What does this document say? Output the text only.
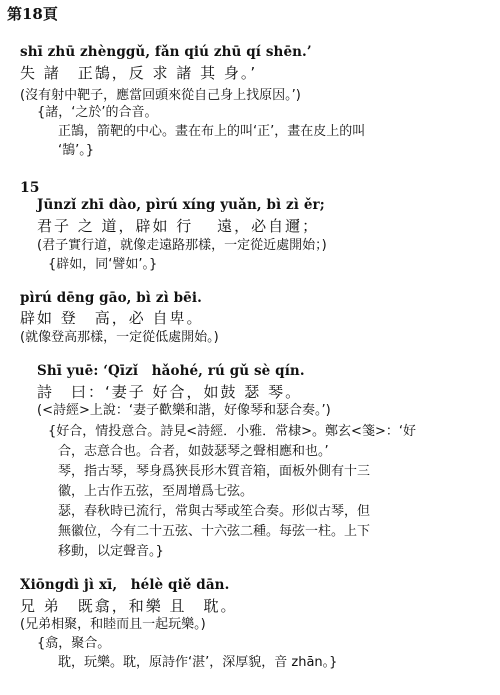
第18頁
shī zhū zhènggǔ, fǎn qiú zhū qí shēn.’
失 諸　正鵠，反 求 諸 其 身。’
(沒有射中靶子，應當回頭來從自己身上找原因。’)
{諸，‘之於’的合音。
正鵠，箭靶的中心。畫在布上的叫‘正’，畫在皮上的叫
‘鵠’。}
15
Jūnzǐ zhī dào, pìrú xíng yuǎn, bì zì ěr;
君子 之 道，辟如 行　 遠，必自邇；
(君子實行道，就像走遠路那樣，一定從近處開始；)
{辟如，同‘譬如’。}
pìrú dēng gāo, bì zì bēi.
辟如 登　高，必 自卑。
(就像登高那樣，一定從低處開始。)
Shī yuē: ‘Qīzǐ　hǎohé, rú gǔ sè qín.
詩　曰：‘妻子 好合，如鼓 瑟 琴。
(<詩經>上說：‘妻子歡樂和諧，好像琴和瑟合奏。’)
{好合，情投意合。詩見<詩經．小雅．常棣>。鄭玄<箋>：‘好
合，志意合也。合者，如鼓瑟琴之聲相應和也。’
琴，指古琴，琴身爲狹長形木質音箱，面板外側有十三
徽，上古作五弦，至周增爲七弦。
瑟，春秋時已流行，常與古琴或笙合奏。形似古琴，但
無徽位，今有二十五弦、十六弦二種。每弦一柱。上下
移動，以定聲音。}
Xiōngdì jì xī,　hélè qiě dān.
兄 弟　既翕，和樂 且　耽。
(兄弟相聚，和睦而且一起玩樂。)
{翕，聚合。
耽，玩樂。耽，原詩作‘湛’，深厚貌，音 zhān。}
